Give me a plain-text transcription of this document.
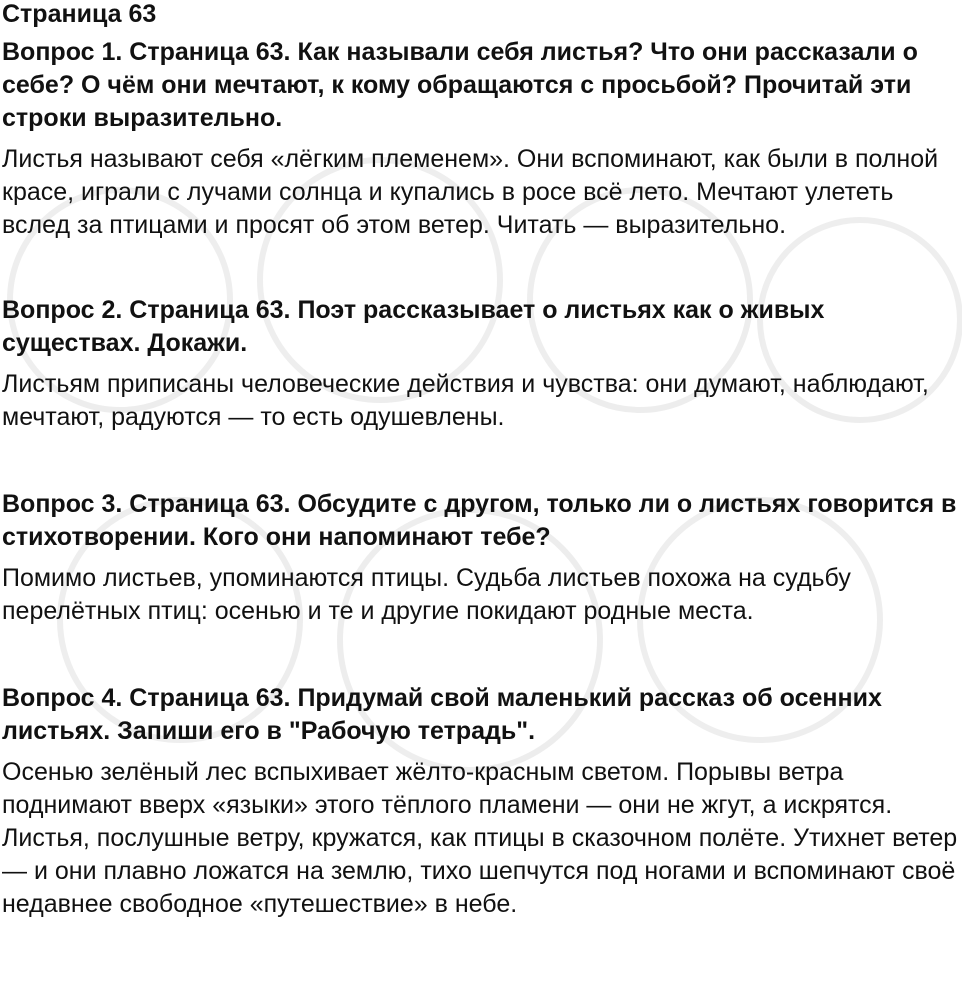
Страница 63
Вопрос 1. Страница 63. Как называли себя листья? Что они рассказали о себе? О чём они мечтают, к кому обращаются с просьбой? Прочитай эти строки выразительно.
Листья называют себя «лёгким племенем». Они вспоминают, как были в полной красе, играли с лучами солнца и купались в росе всё лето. Мечтают улететь вслед за птицами и просят об этом ветер. Читать — выразительно.
Вопрос 2. Страница 63. Поэт рассказывает о листьях как о живых существах. Докажи.
Листьям приписаны человеческие действия и чувства: они думают, наблюдают, мечтают, радуются — то есть одушевлены.
Вопрос 3. Страница 63. Обсудите с другом, только ли о листьях говорится в стихотворении. Кого они напоминают тебе?
Помимо листьев, упоминаются птицы. Судьба листьев похожа на судьбу перелётных птиц: осенью и те и другие покидают родные места.
Вопрос 4. Страница 63. Придумай свой маленький рассказ об осенних листьях. Запиши его в "Рабочую тетрадь".
Осенью зелёный лес вспыхивает жёлто-красным светом. Порывы ветра поднимают вверх «языки» этого тёплого пламени — они не жгут, а искрятся. Листья, послушные ветру, кружатся, как птицы в сказочном полёте. Утихнет ветер — и они плавно ложатся на землю, тихо шепчутся под ногами и вспоминают своё недавнее свободное «путешествие» в небе.
